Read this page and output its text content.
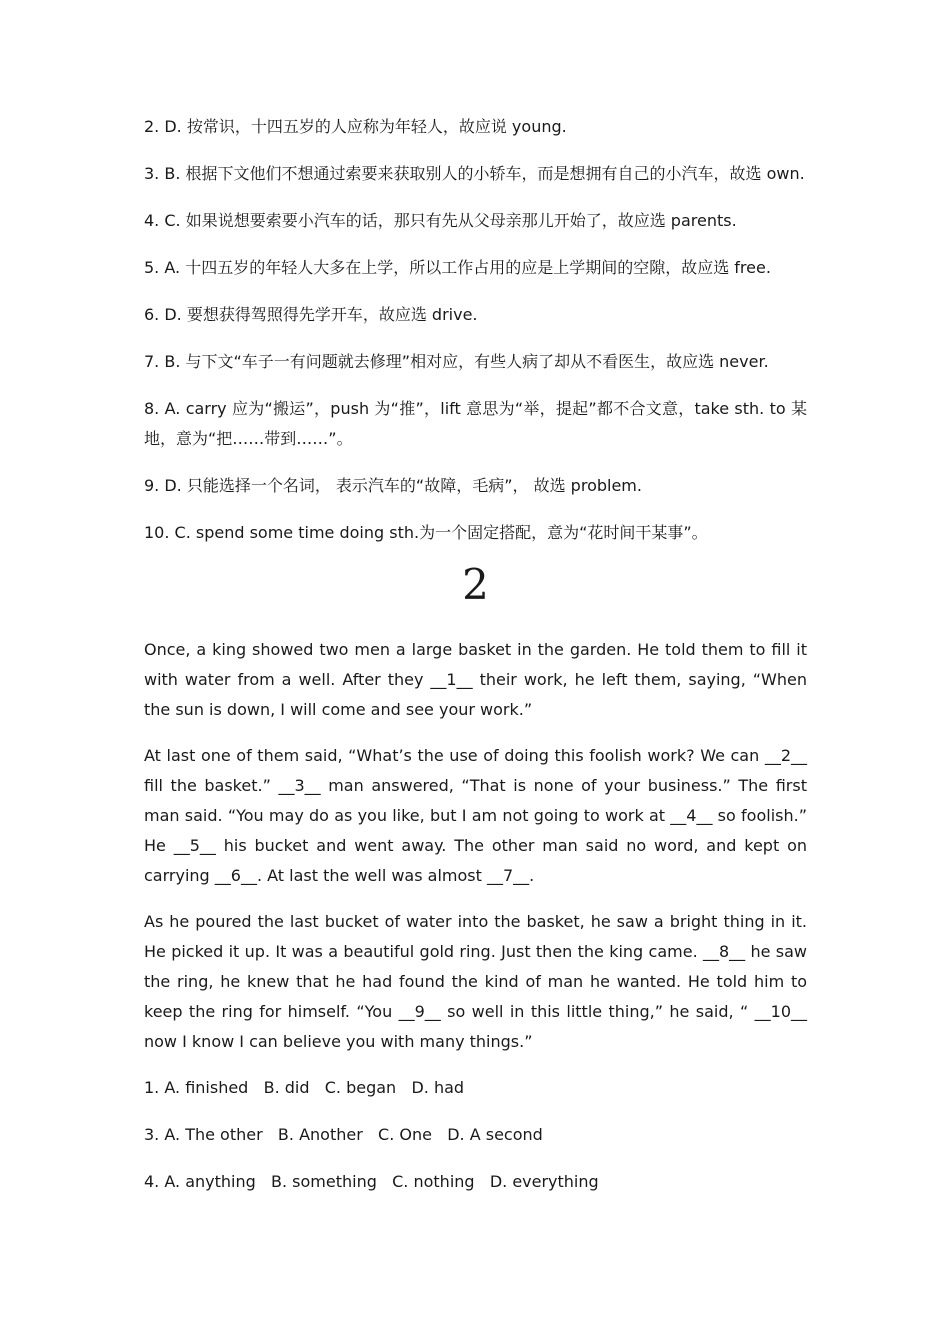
2. D. 按常识，十四五岁的人应称为年轻人，故应说 young.

3. B. 根据下文他们不想通过索要来获取别人的小轿车，而是想拥有自己的小汽车，故选 own.

4. C. 如果说想要索要小汽车的话，那只有先从父母亲那儿开始了，故应选 parents.

5. A. 十四五岁的年轻人大多在上学，所以工作占用的应是上学期间的空隙，故应选 free.

6. D. 要想获得驾照得先学开车，故应选 drive.

7. B. 与下文“车子一有问题就去修理”相对应，有些人病了却从不看医生，故应选 never.

8. A. carry 应为“搬运”，push 为“推”，lift 意思为“举，提起”都不合文意，take sth. to 某地，意为“把……带到……”。

9. D. 只能选择一个名词， 表示汽车的“故障，毛病”， 故选 problem.

10. C. spend some time doing sth.为一个固定搭配，意为“花时间干某事”。

2

Once, a king showed two men a large basket in the garden. He told them to fill it with water from a well. After they __1__ their work, he left them, saying, “When the sun is down, I will come and see your work.”

At last one of them said, “What’s the use of doing this foolish work? We can __2__ fill the basket.” __3__ man answered, “That is none of your business.” The first man said. “You may do as you like, but I am not going to work at __4__ so foolish.” He __5__ his bucket and went away. The other man said no word, and kept on carrying __6__. At last the well was almost __7__.

As he poured the last bucket of water into the basket, he saw a bright thing in it. He picked it up. It was a beautiful gold ring. Just then the king came. __8__ he saw the ring, he knew that he had found the kind of man he wanted. He told him to keep the ring for himself. “You __9__ so well in this little thing,” he said, “ __10__ now I know I can believe you with many things.”

1. A. finished   B. did   C. began   D. had

3. A. The other   B. Another   C. One   D. A second

4. A. anything   B. something   C. nothing   D. everything
